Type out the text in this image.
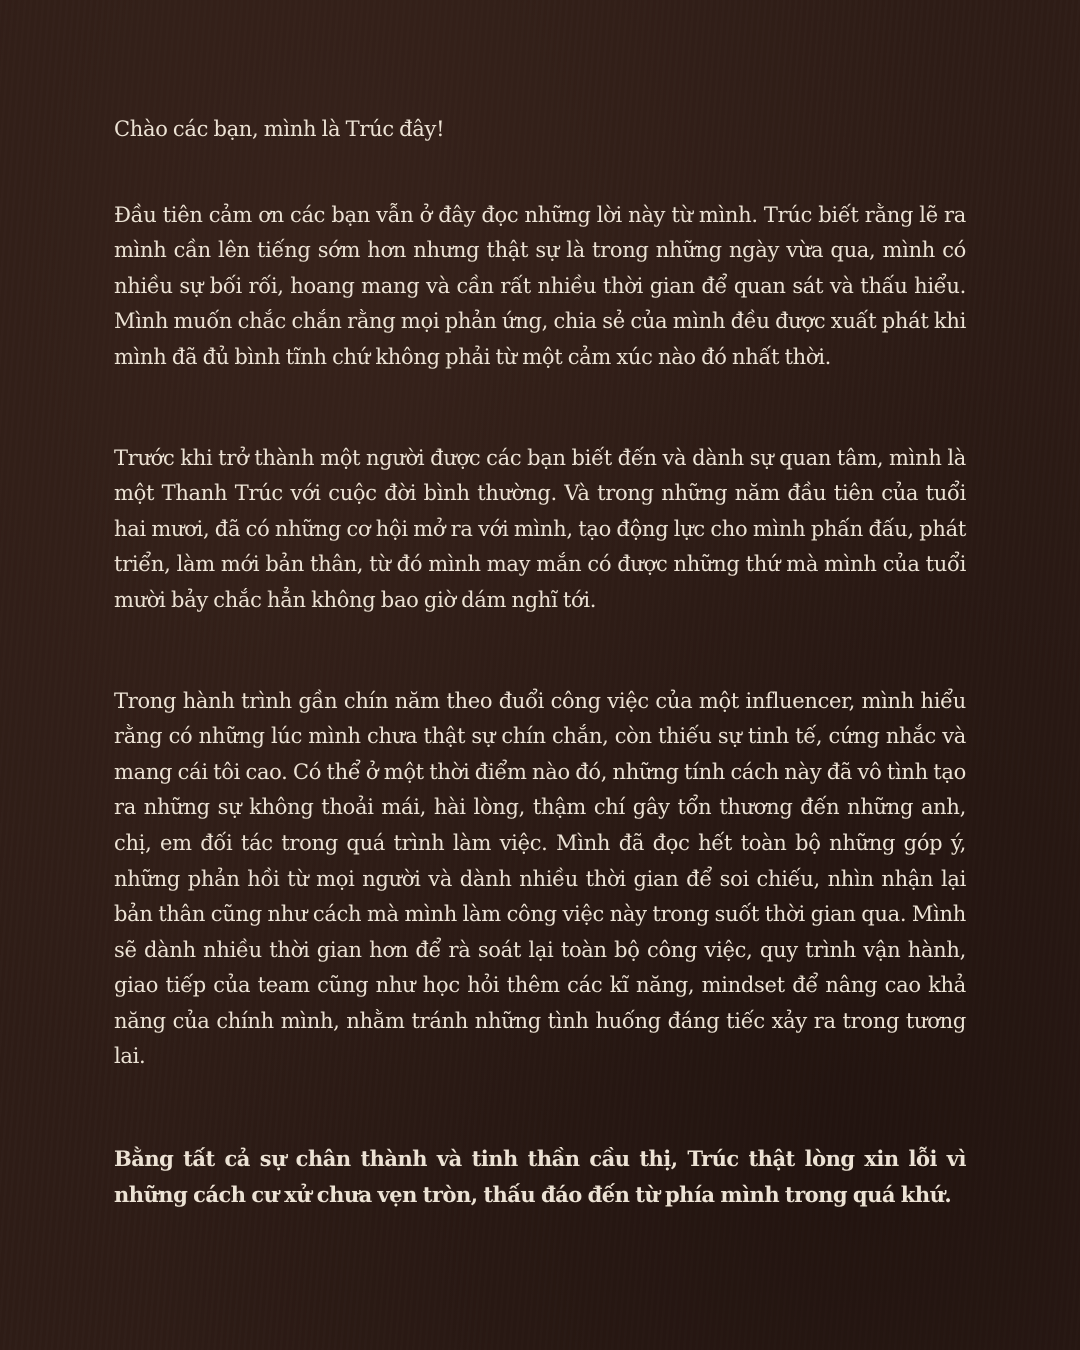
Chào các bạn, mình là Trúc đây!

Đầu tiên cảm ơn các bạn vẫn ở đây đọc những lời này từ mình. Trúc biết rằng lẽ ra mình cần lên tiếng sớm hơn nhưng thật sự là trong những ngày vừa qua, mình có nhiều sự bối rối, hoang mang và cần rất nhiều thời gian để quan sát và thấu hiểu. Mình muốn chắc chắn rằng mọi phản ứng, chia sẻ của mình đều được xuất phát khi mình đã đủ bình tĩnh chứ không phải từ một cảm xúc nào đó nhất thời.

Trước khi trở thành một người được các bạn biết đến và dành sự quan tâm, mình là một Thanh Trúc với cuộc đời bình thường. Và trong những năm đầu tiên của tuổi hai mươi, đã có những cơ hội mở ra với mình, tạo động lực cho mình phấn đấu, phát triển, làm mới bản thân, từ đó mình may mắn có được những thứ mà mình của tuổi mười bảy chắc hẳn không bao giờ dám nghĩ tới.

Trong hành trình gần chín năm theo đuổi công việc của một influencer, mình hiểu rằng có những lúc mình chưa thật sự chín chắn, còn thiếu sự tinh tế, cứng nhắc và mang cái tôi cao. Có thể ở một thời điểm nào đó, những tính cách này đã vô tình tạo ra những sự không thoải mái, hài lòng, thậm chí gây tổn thương đến những anh, chị, em đối tác trong quá trình làm việc. Mình đã đọc hết toàn bộ những góp ý, những phản hồi từ mọi người và dành nhiều thời gian để soi chiếu, nhìn nhận lại bản thân cũng như cách mà mình làm công việc này trong suốt thời gian qua. Mình sẽ dành nhiều thời gian hơn để rà soát lại toàn bộ công việc, quy trình vận hành, giao tiếp của team cũng như học hỏi thêm các kĩ năng, mindset để nâng cao khả năng của chính mình, nhằm tránh những tình huống đáng tiếc xảy ra trong tương lai.

Bằng tất cả sự chân thành và tinh thần cầu thị, Trúc thật lòng xin lỗi vì những cách cư xử chưa vẹn tròn, thấu đáo đến từ phía mình trong quá khứ.
